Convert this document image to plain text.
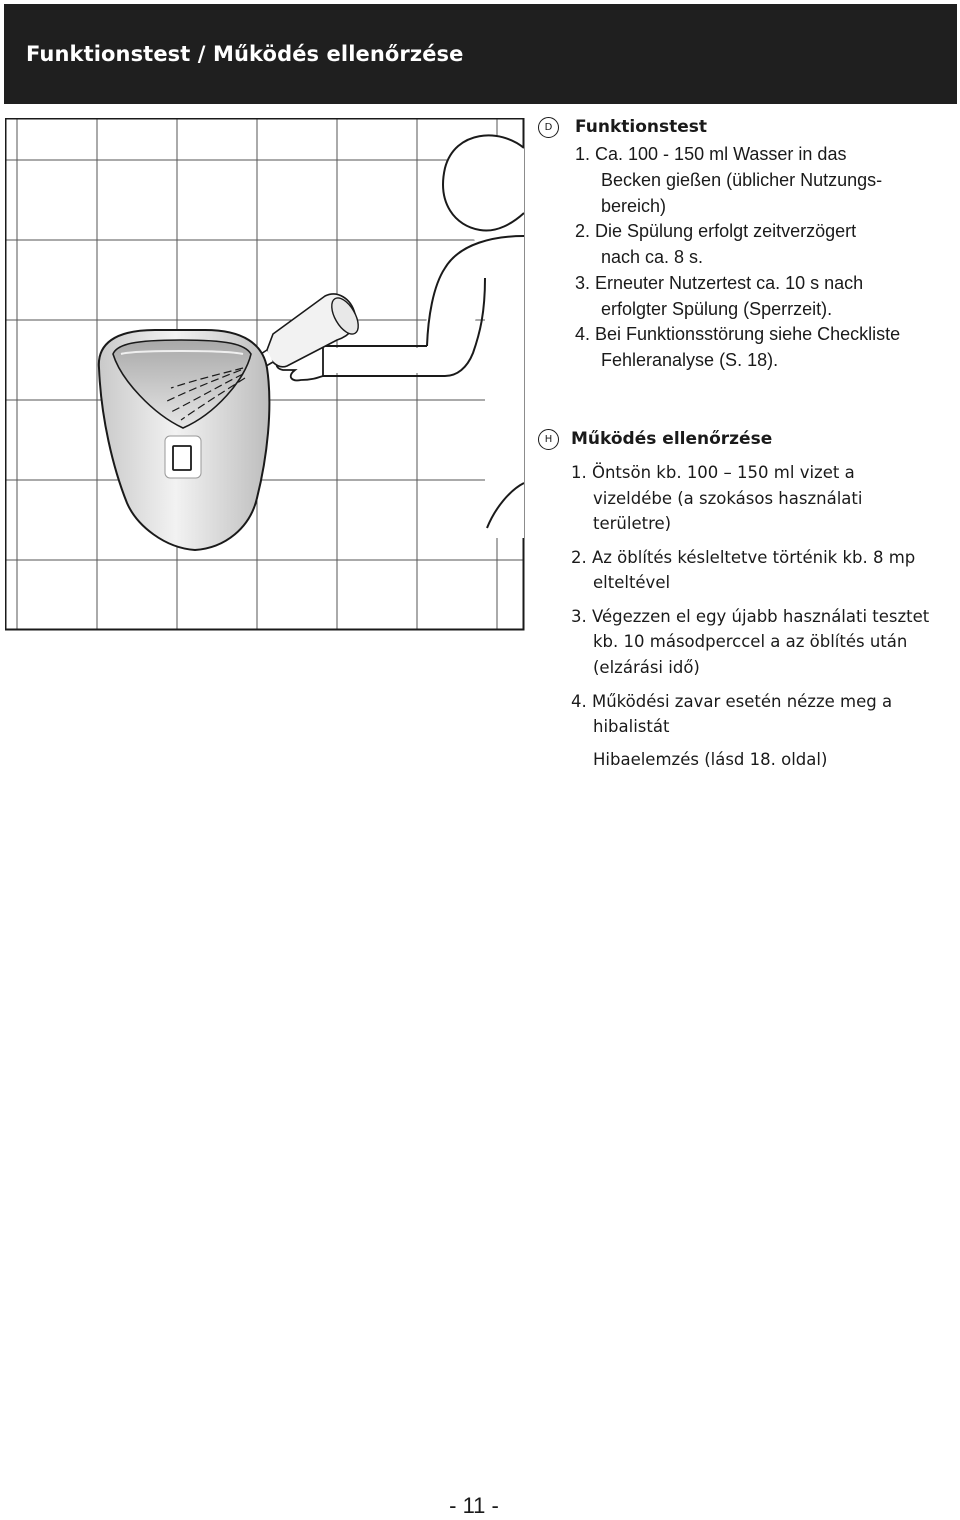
Funktionstest / Működés ellenőrzése
D	Funktionstest
1. Ca. 100 - 150 ml Wasser in das
Becken gießen (üblicher Nutzungs-
bereich)
2. Die Spülung erfolgt zeitverzögert
nach ca. 8 s.
3. Erneuter Nutzertest ca. 10 s nach
erfolgter Spülung (Sperrzeit).
4. Bei Funktionsstörung siehe Checkliste
Fehleranalyse (S. 18).
H	Működés ellenőrzése
1. Öntsön kb. 100 – 150 ml vizet a
vizeldébe (a szokásos használati
területre)
2. Az öblítés késleltetve történik kb. 8 mp
elteltével
3. Végezzen el egy újabb használati tesztet
kb. 10 másodperccel a az öblítés után
(elzárási idő)
4. Működési zavar esetén nézze meg a
hibalistát
Hibaelemzés (lásd 18. oldal)
- 11 -
